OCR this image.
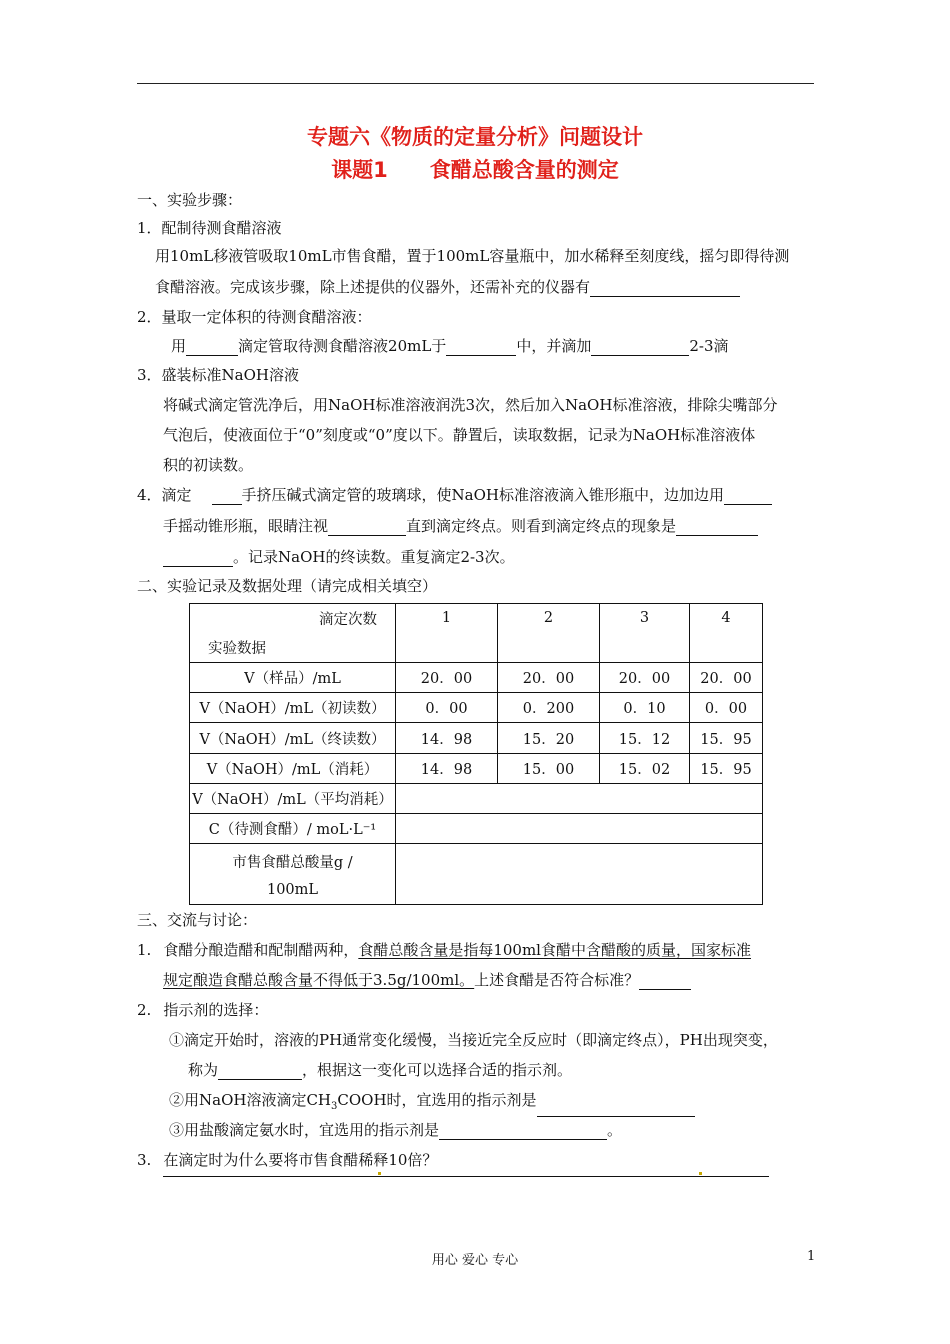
专题六《物质的定量分析》问题设计
课题1　　食醋总酸含量的测定
一、实验步骤：
1．配制待测食醋溶液
用10mL移液管吸取10mL市售食醋，置于100mL容量瓶中，加水稀释至刻度线，摇匀即得待测
食醋溶液。完成该步骤，除上述提供的仪器外，还需补充的仪器有
2．量取一定体积的待测食醋溶液：
用	滴定管取待测食醋溶液20mL于	中，并滴加	2-3滴
3．盛装标准NaOH溶液
将碱式滴定管洗净后，用NaOH标准溶液润洗3次，然后加入NaOH标准溶液，排除尖嘴部分
气泡后，使液面位于“0”刻度或“0”度以下。静置后，读取数据，记录为NaOH标准溶液体
积的初读数。
4．滴定	手挤压碱式滴定管的玻璃球，使NaOH标准溶液滴入锥形瓶中，边加边用
手摇动锥形瓶，眼睛注视	直到滴定终点。则看到滴定终点的现象是
。记录NaOH的终读数。重复滴定2-3次。
二、实验记录及数据处理（请完成相关填空）
滴定次数
实验数据	1	2	3	4
V（样品）/mL	20．00	20．00	20．00	20．00
V（NaOH）/mL（初读数）	0．00	0．200	0．10	0．00
V（NaOH）/mL（终读数）	14．98	15．20	15．12	15．95
V（NaOH）/mL（消耗）	14．98	15．00	15．02	15．95
V（NaOH）/mL（平均消耗）				
C（待测食醋）/ moL·L⁻¹				

市售食醋总酸量g /
100mL				

三、交流与讨论：
1. 食醋分酿造醋和配制醋两种，食醋总酸含量是指每100ml食醋中含醋酸的质量，国家标准
规定酿造食醋总酸含量不得低于3.5g/100ml。上述食醋是否符合标准？
2. 指示剂的选择：
①滴定开始时，溶液的PH通常变化缓慢，当接近完全反应时（即滴定终点），PH出现突变，
称为	，根据这一变化可以选择合适的指示剂。
②用NaOH溶液滴定$CH_3COOH$时，宜选用的指示剂是
③用盐酸滴定氨水时，宜选用的指示剂是	。
3. 在滴定时为什么要将市售食醋稀释10倍？
用心 爱心 专心	1
